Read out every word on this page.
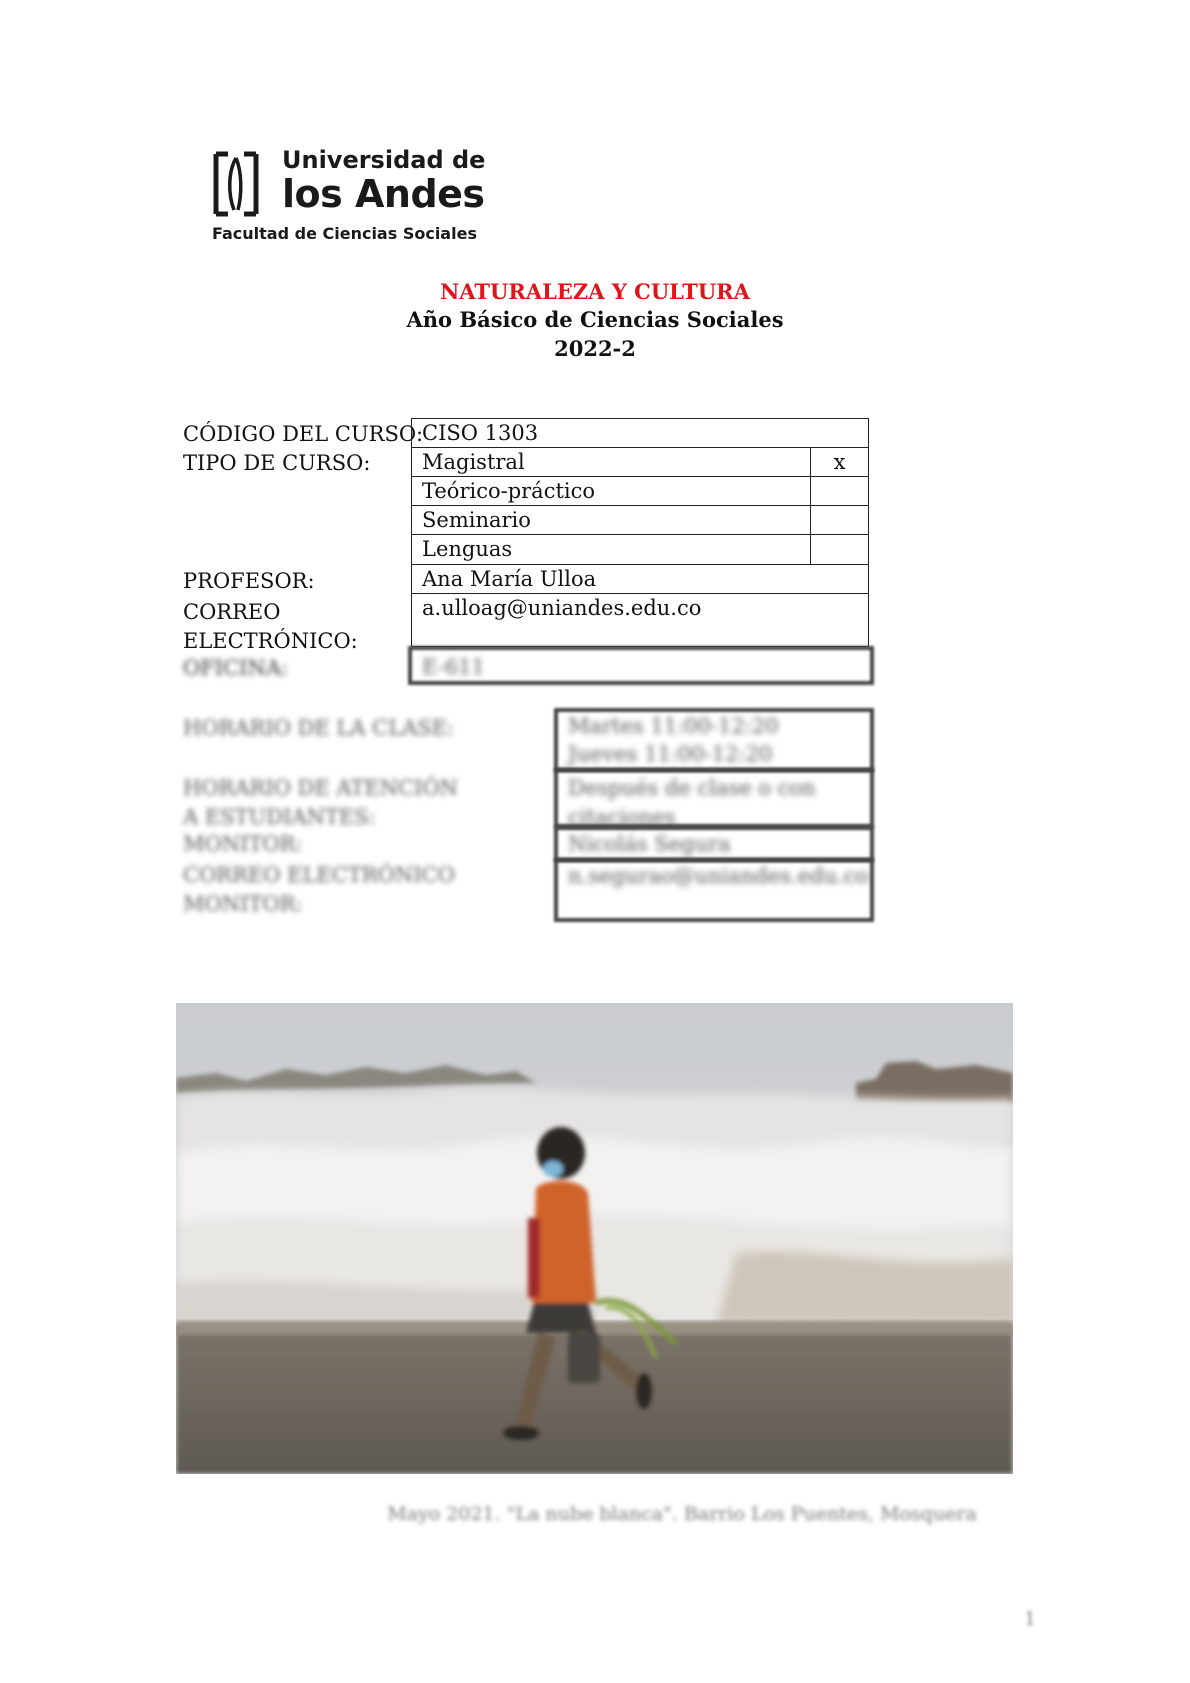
Universidad de
los Andes
Facultad de Ciencias Sociales
NATURALEZA Y CULTURA
Año Básico de Ciencias Sociales
2022-2
CÓDIGO DEL CURSO:
TIPO DE CURSO:
PROFESOR:
CORREO ELECTRÓNICO:
CISO 1303
Magistral	x
Teórico-práctico
Seminario
Lenguas
Ana María Ulloa
a.ulloag@uniandes.edu.co
OFICINA:	E-611
HORARIO DE LA CLASE:
HORARIO DE ATENCIÓN A ESTUDIANTES:
MONITOR:
CORREO ELECTRÓNICO MONITOR:
Martes 11:00-12:20
Jueves 11:00-12:20
Después de clase o con citaciones
Nicolás Segura
n.segurao@uniandes.edu.co
Mayo 2021. "La nube blanca". Barrio Los Puentes, Mosquera
1
